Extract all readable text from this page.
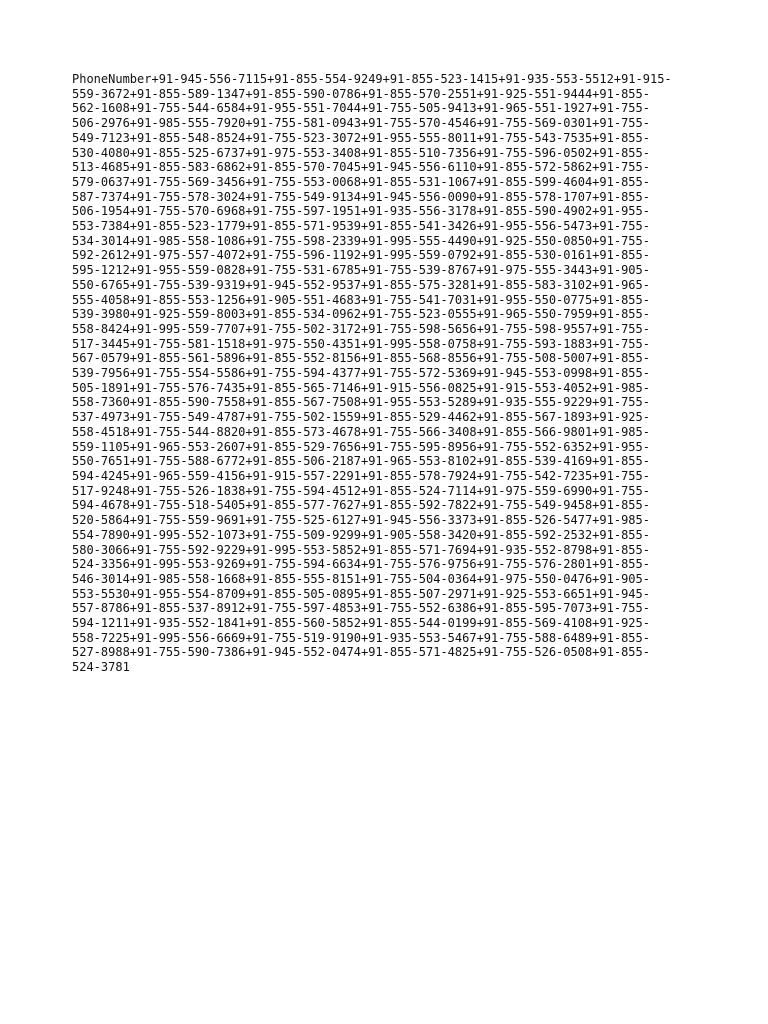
PhoneNumber+91-945-556-7115+91-855-554-9249+91-855-523-1415+91-935-553-5512+91-915-
559-3672+91-855-589-1347+91-855-590-0786+91-855-570-2551+91-925-551-9444+91-855-
562-1608+91-755-544-6584+91-955-551-7044+91-755-505-9413+91-965-551-1927+91-755-
506-2976+91-985-555-7920+91-755-581-0943+91-755-570-4546+91-755-569-0301+91-755-
549-7123+91-855-548-8524+91-755-523-3072+91-955-555-8011+91-755-543-7535+91-855-
530-4080+91-855-525-6737+91-975-553-3408+91-855-510-7356+91-755-596-0502+91-855-
513-4685+91-855-583-6862+91-855-570-7045+91-945-556-6110+91-855-572-5862+91-755-
579-0637+91-755-569-3456+91-755-553-0068+91-855-531-1067+91-855-599-4604+91-855-
587-7374+91-755-578-3024+91-755-549-9134+91-945-556-0090+91-855-578-1707+91-855-
506-1954+91-755-570-6968+91-755-597-1951+91-935-556-3178+91-855-590-4902+91-955-
553-7384+91-855-523-1779+91-855-571-9539+91-855-541-3426+91-955-556-5473+91-755-
534-3014+91-985-558-1086+91-755-598-2339+91-995-555-4490+91-925-550-0850+91-755-
592-2612+91-975-557-4072+91-755-596-1192+91-995-559-0792+91-855-530-0161+91-855-
595-1212+91-955-559-0828+91-755-531-6785+91-755-539-8767+91-975-555-3443+91-905-
550-6765+91-755-539-9319+91-945-552-9537+91-855-575-3281+91-855-583-3102+91-965-
555-4058+91-855-553-1256+91-905-551-4683+91-755-541-7031+91-955-550-0775+91-855-
539-3980+91-925-559-8003+91-855-534-0962+91-755-523-0555+91-965-550-7959+91-855-
558-8424+91-995-559-7707+91-755-502-3172+91-755-598-5656+91-755-598-9557+91-755-
517-3445+91-755-581-1518+91-975-550-4351+91-995-558-0758+91-755-593-1883+91-755-
567-0579+91-855-561-5896+91-855-552-8156+91-855-568-8556+91-755-508-5007+91-855-
539-7956+91-755-554-5586+91-755-594-4377+91-755-572-5369+91-945-553-0998+91-855-
505-1891+91-755-576-7435+91-855-565-7146+91-915-556-0825+91-915-553-4052+91-985-
558-7360+91-855-590-7558+91-855-567-7508+91-955-553-5289+91-935-555-9229+91-755-
537-4973+91-755-549-4787+91-755-502-1559+91-855-529-4462+91-855-567-1893+91-925-
558-4518+91-755-544-8820+91-855-573-4678+91-755-566-3408+91-855-566-9801+91-985-
559-1105+91-965-553-2607+91-855-529-7656+91-755-595-8956+91-755-552-6352+91-955-
550-7651+91-755-588-6772+91-855-506-2187+91-965-553-8102+91-855-539-4169+91-855-
594-4245+91-965-559-4156+91-915-557-2291+91-855-578-7924+91-755-542-7235+91-755-
517-9248+91-755-526-1838+91-755-594-4512+91-855-524-7114+91-975-559-6990+91-755-
594-4678+91-755-518-5405+91-855-577-7627+91-855-592-7822+91-755-549-9458+91-855-
520-5864+91-755-559-9691+91-755-525-6127+91-945-556-3373+91-855-526-5477+91-985-
554-7890+91-995-552-1073+91-755-509-9299+91-905-558-3420+91-855-592-2532+91-855-
580-3066+91-755-592-9229+91-995-553-5852+91-855-571-7694+91-935-552-8798+91-855-
524-3356+91-995-553-9269+91-755-594-6634+91-755-576-9756+91-755-576-2801+91-855-
546-3014+91-985-558-1668+91-855-555-8151+91-755-504-0364+91-975-550-0476+91-905-
553-5530+91-955-554-8709+91-855-505-0895+91-855-507-2971+91-925-553-6651+91-945-
557-8786+91-855-537-8912+91-755-597-4853+91-755-552-6386+91-855-595-7073+91-755-
594-1211+91-935-552-1841+91-855-560-5852+91-855-544-0199+91-855-569-4108+91-925-
558-7225+91-995-556-6669+91-755-519-9190+91-935-553-5467+91-755-588-6489+91-855-
527-8988+91-755-590-7386+91-945-552-0474+91-855-571-4825+91-755-526-0508+91-855-
524-3781
